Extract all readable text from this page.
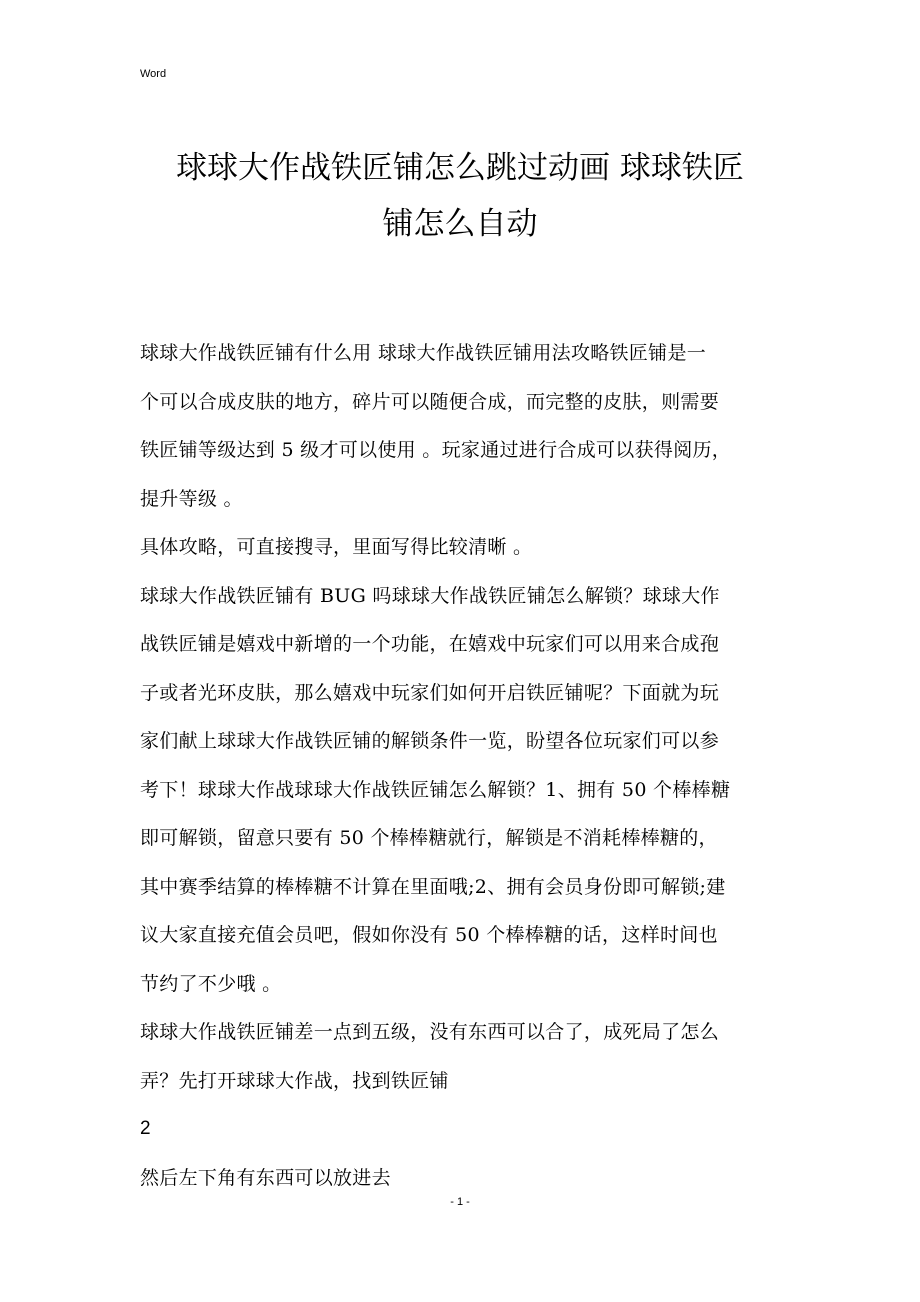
Word
球球大作战铁匠铺怎么跳过动画 球球铁匠
铺怎么自动

球球大作战铁匠铺有什么用 球球大作战铁匠铺用法攻略铁匠铺是一
个可以合成皮肤的地方，碎片可以随便合成，而完整的皮肤，则需要
铁匠铺等级达到 5 级才可以使用 。玩家通过进行合成可以获得阅历，
提升等级 。

具体攻略，可直接搜寻，里面写得比较清晰 。

球球大作战铁匠铺有 BUG 吗球球大作战铁匠铺怎么解锁？球球大作
战铁匠铺是嬉戏中新增的一个功能，在嬉戏中玩家们可以用来合成孢
子或者光环皮肤，那么嬉戏中玩家们如何开启铁匠铺呢？下面就为玩
家们献上球球大作战铁匠铺的解锁条件一览，盼望各位玩家们可以参
考下！球球大作战球球大作战铁匠铺怎么解锁？1、拥有 50 个棒棒糖
即可解锁，留意只要有 50 个棒棒糖就行，解锁是不消耗棒棒糖的，
其中赛季结算的棒棒糖不计算在里面哦;2、拥有会员身份即可解锁;建
议大家直接充值会员吧，假如你没有 50 个棒棒糖的话，这样时间也
节约了不少哦 。

球球大作战铁匠铺差一点到五级，没有东西可以合了，成死局了怎么
弄？先打开球球大作战，找到铁匠铺

2

然后左下角有东西可以放进去

- 1 -
